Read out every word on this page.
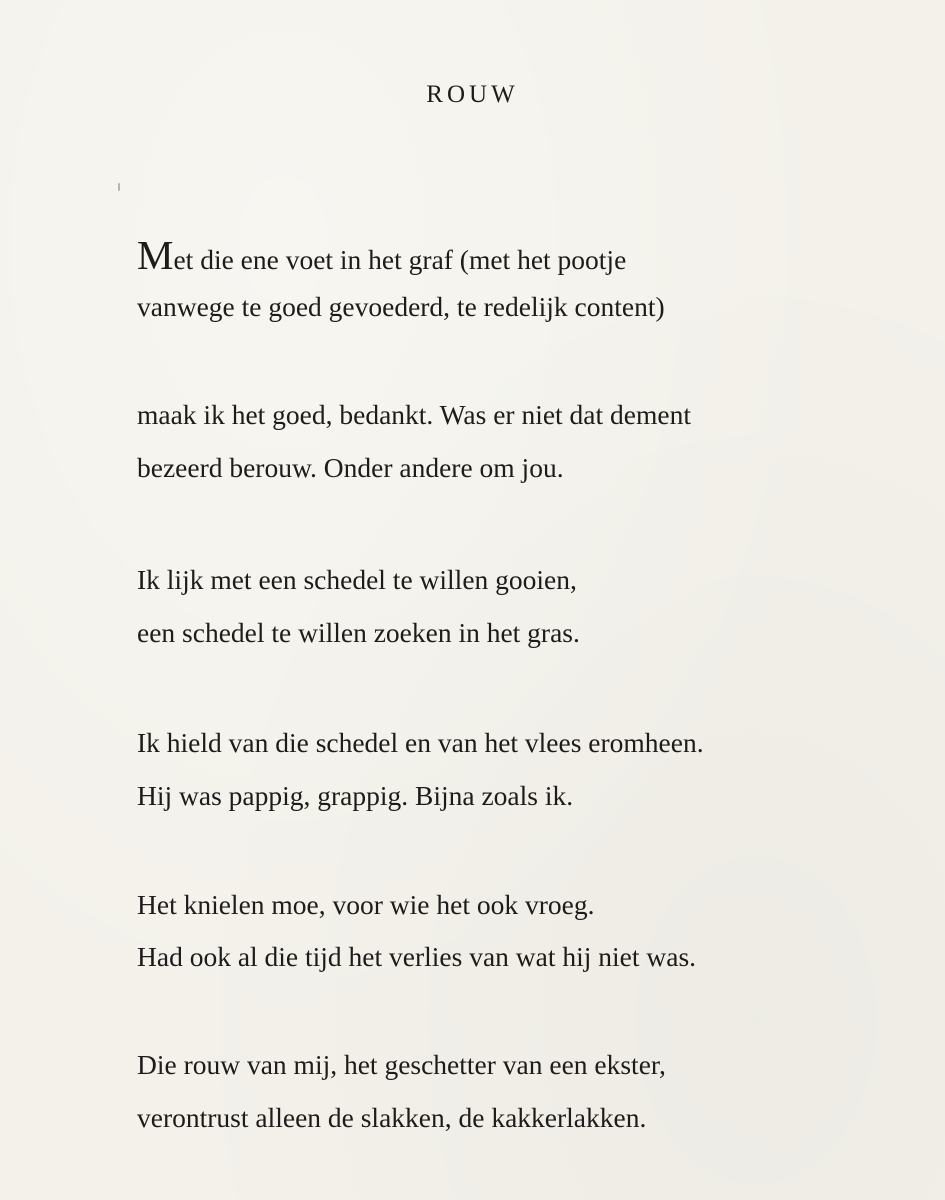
ROUW
Met die ene voet in het graf (met het pootje
vanwege te goed gevoederd, te redelijk content)
maak ik het goed, bedankt. Was er niet dat dement
bezeerd berouw. Onder andere om jou.
Ik lijk met een schedel te willen gooien,
een schedel te willen zoeken in het gras.
Ik hield van die schedel en van het vlees eromheen.
Hij was pappig, grappig. Bijna zoals ik.
Het knielen moe, voor wie het ook vroeg.
Had ook al die tijd het verlies van wat hij niet was.
Die rouw van mij, het geschetter van een ekster,
verontrust alleen de slakken, de kakkerlakken.
